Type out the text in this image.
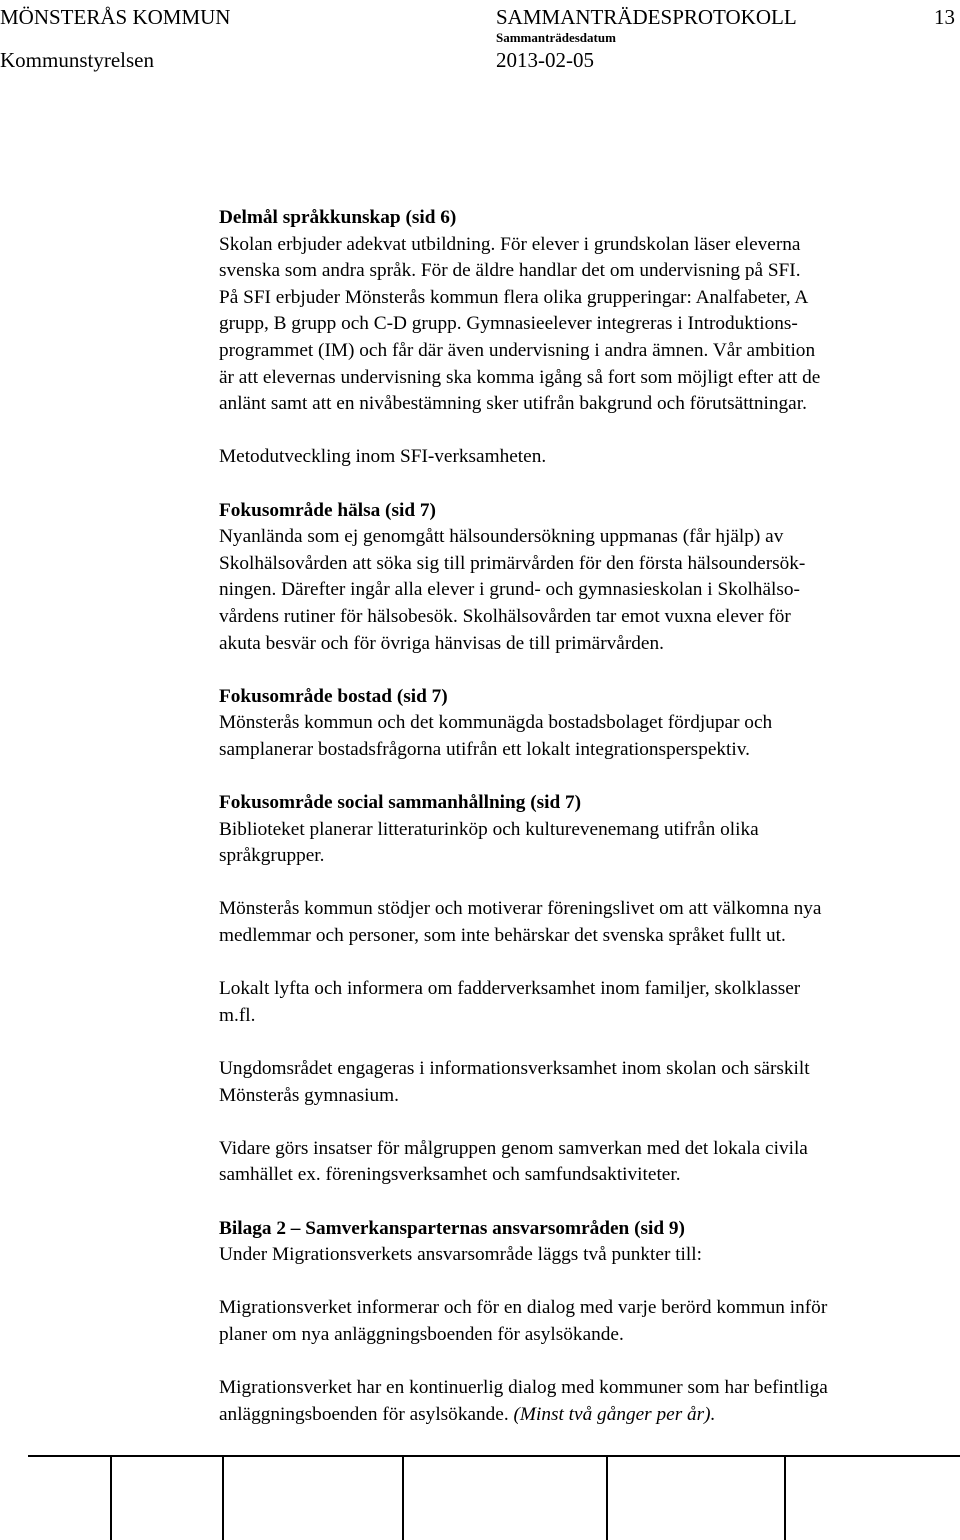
MÖNSTERÅS KOMMUN	SAMMANTRÄDESPROTOKOLL	13
Sammanträdesdatum
Kommunstyrelsen	2013-02-05

Delmål språkkunskap (sid 6)

Skolan erbjuder adekvat utbildning. För elever i grundskolan läser eleverna

svenska som andra språk. För de äldre handlar det om undervisning på SFI.

På SFI erbjuder Mönsterås kommun flera olika grupperingar: Analfabeter, A

grupp, B grupp och C-D grupp. Gymnasieelever integreras i Introduktions-

programmet (IM) och får där även undervisning i andra ämnen. Vår ambition

är att elevernas undervisning ska komma igång så fort som möjligt efter att de

anlänt samt att en nivåbestämning sker utifrån bakgrund och förutsättningar.

Metodutveckling inom SFI-verksamheten.

Fokusområde hälsa (sid 7)

Nyanlända som ej genomgått hälsoundersökning uppmanas (får hjälp) av

Skolhälsovården att söka sig till primärvården för den första hälsoundersök-

ningen. Därefter ingår alla elever i grund- och gymnasieskolan i Skolhälso-

vårdens rutiner för hälsobesök. Skolhälsovården tar emot vuxna elever för

akuta besvär och för övriga hänvisas de till primärvården.

Fokusområde bostad (sid 7)

Mönsterås kommun och det kommunägda bostadsbolaget fördjupar och

samplanerar bostadsfrågorna utifrån ett lokalt integrationsperspektiv.

Fokusområde social sammanhållning (sid 7)

Biblioteket planerar litteraturinköp och kulturevenemang utifrån olika

språkgrupper.

Mönsterås kommun stödjer och motiverar föreningslivet om att välkomna nya

medlemmar och personer, som inte behärskar det svenska språket fullt ut.

Lokalt lyfta och informera om fadderverksamhet inom familjer, skolklasser

m.fl.

Ungdomsrådet engageras i informationsverksamhet inom skolan och särskilt

Mönsterås gymnasium.

Vidare görs insatser för målgruppen genom samverkan med det lokala civila

samhället ex. föreningsverksamhet och samfundsaktiviteter.

Bilaga 2 – Samverkansparternas ansvarsområden (sid 9)

Under Migrationsverkets ansvarsområde läggs två punkter till:

Migrationsverket informerar och för en dialog med varje berörd kommun inför

planer om nya anläggningsboenden för asylsökande.

Migrationsverket har en kontinuerlig dialog med kommuner som har befintliga

anläggningsboenden för asylsökande. (Minst två gånger per år).
